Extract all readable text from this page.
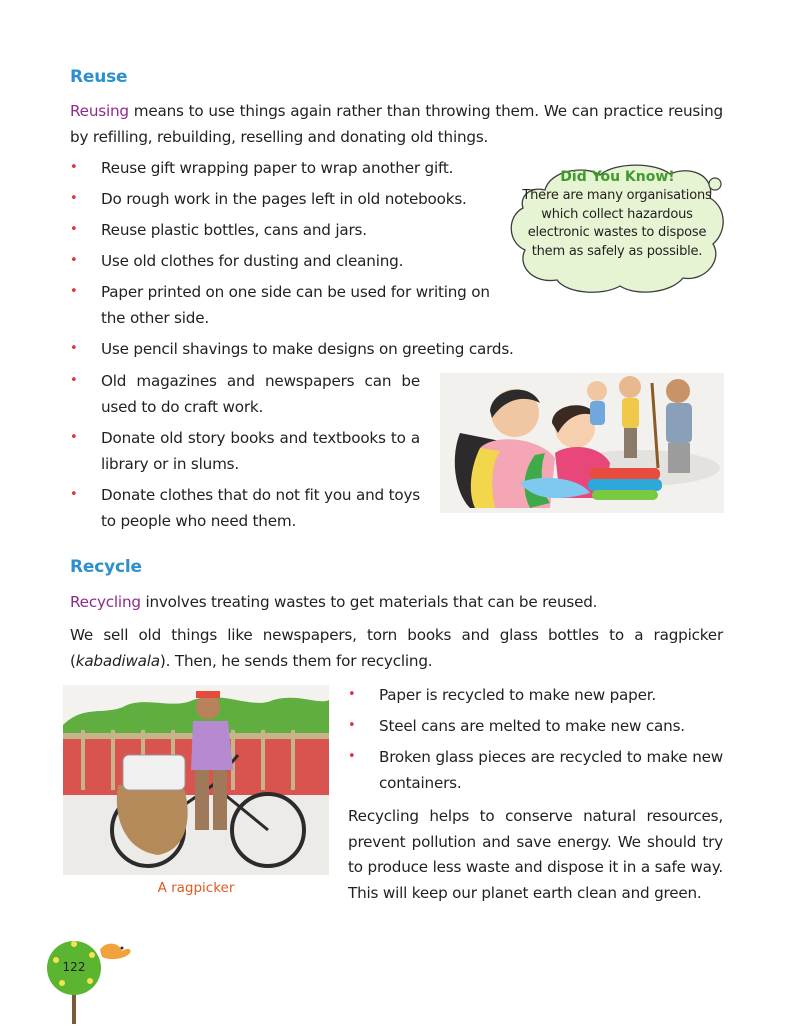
Reuse
Reusing means to use things again rather than throwing them. We can practice reusing by refilling, rebuilding, reselling and donating old things.
• Reuse gift wrapping paper to wrap another gift.
• Do rough work in the pages left in old notebooks.
• Reuse plastic bottles, cans and jars.
• Use old clothes for dusting and cleaning.
• Paper printed on one side can be used for writing on the other side.
• Use pencil shavings to make designs on greeting cards.
• Old magazines and newspapers can be used to do craft work.
• Donate old story books and textbooks to a library or in slums.
• Donate clothes that do not fit you and toys to people who need them.
Did You Know!
There are many organisations which collect hazardous electronic wastes to dispose them as safely as possible.
Recycle
Recycling involves treating wastes to get materials that can be reused.
We sell old things like newspapers, torn books and glass bottles to a ragpicker (kabadiwala). Then, he sends them for recycling.
A ragpicker
• Paper is recycled to make new paper.
• Steel cans are melted to make new cans.
• Broken glass pieces are recycled to make new containers.
Recycling helps to conserve natural resources, prevent pollution and save energy. We should try to produce less waste and dispose it in a safe way. This will keep our planet earth clean and green.
122
